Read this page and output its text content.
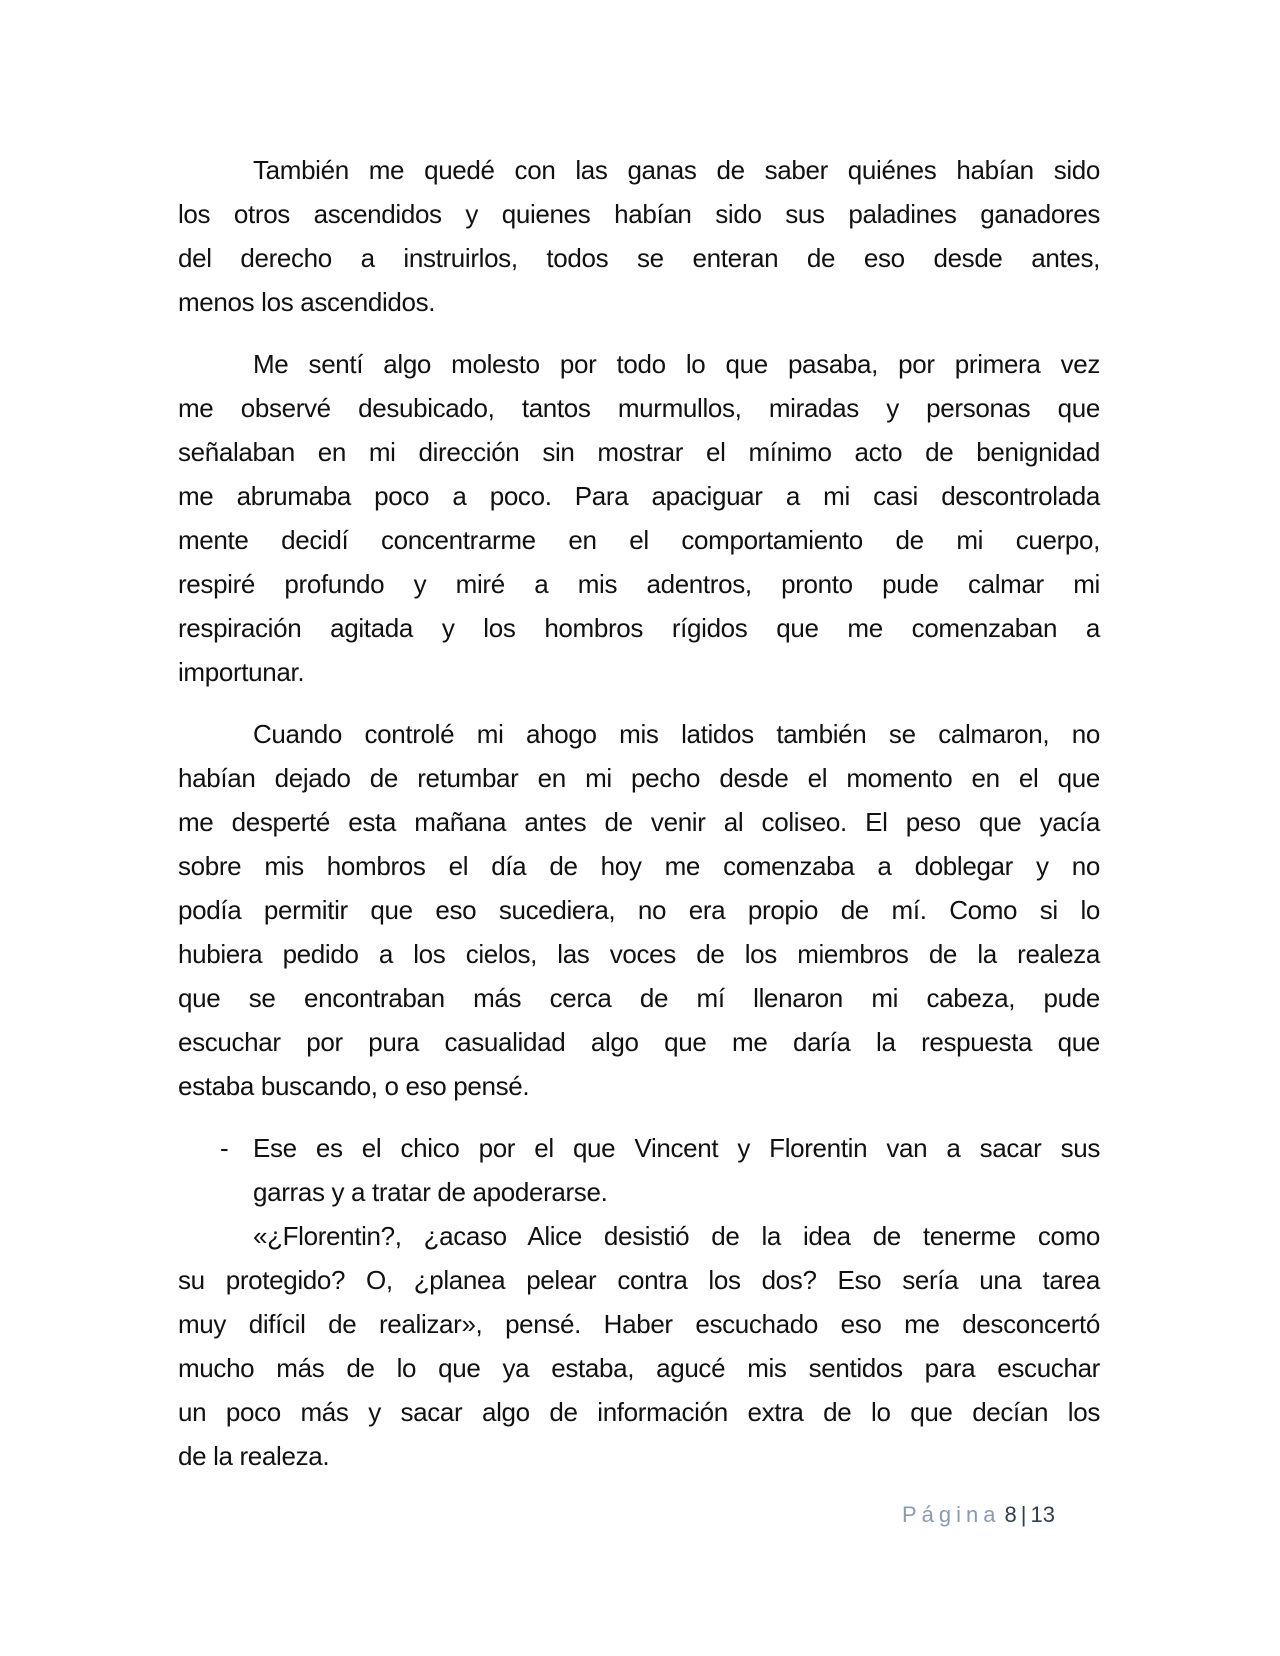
También me quedé con las ganas de saber quiénes habían sido
los otros ascendidos y quienes habían sido sus paladines ganadores
del derecho a instruirlos, todos se enteran de eso desde antes,
menos los ascendidos.
Me sentí algo molesto por todo lo que pasaba, por primera vez
me observé desubicado, tantos murmullos, miradas y personas que
señalaban en mi dirección sin mostrar el mínimo acto de benignidad
me abrumaba poco a poco. Para apaciguar a mi casi descontrolada
mente decidí concentrarme en el comportamiento de mi cuerpo,
respiré profundo y miré a mis adentros, pronto pude calmar mi
respiración agitada y los hombros rígidos que me comenzaban a
importunar.
Cuando controlé mi ahogo mis latidos también se calmaron, no
habían dejado de retumbar en mi pecho desde el momento en el que
me desperté esta mañana antes de venir al coliseo. El peso que yacía
sobre mis hombros el día de hoy me comenzaba a doblegar y no
podía permitir que eso sucediera, no era propio de mí. Como si lo
hubiera pedido a los cielos, las voces de los miembros de la realeza
que se encontraban más cerca de mí llenaron mi cabeza, pude
escuchar por pura casualidad algo que me daría la respuesta que
estaba buscando, o eso pensé.
- Ese es el chico por el que Vincent y Florentin van a sacar sus
garras y a tratar de apoderarse.
«¿Florentin?, ¿acaso Alice desistió de la idea de tenerme como
su protegido? O, ¿planea pelear contra los dos? Eso sería una tarea
muy difícil de realizar», pensé. Haber escuchado eso me desconcertó
mucho más de lo que ya estaba, agucé mis sentidos para escuchar
un poco más y sacar algo de información extra de lo que decían los
de la realeza.
Página 8 | 13
